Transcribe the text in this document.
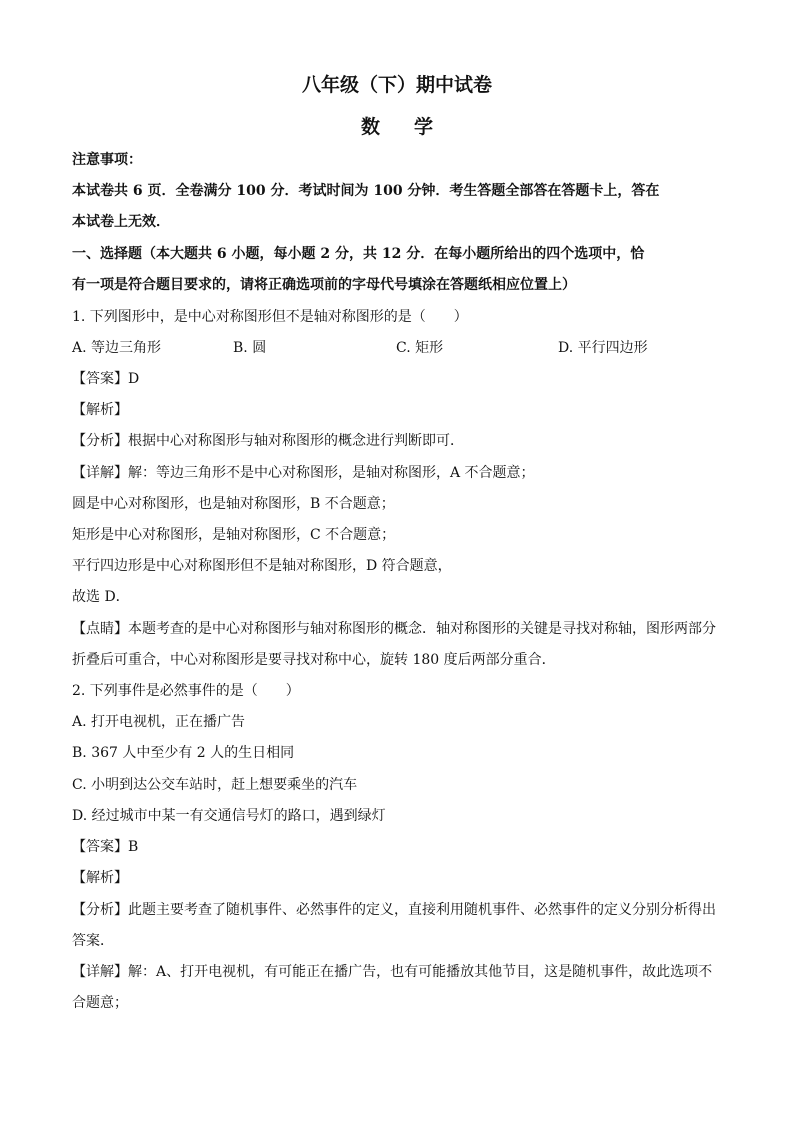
八年级（下）期中试卷
数学
注意事项：
本试卷共 6 页．全卷满分 100 分．考试时间为 100 分钟．考生答题全部答在答题卡上，答在
本试卷上无效．
一、选择题（本大题共 6 小题，每小题 2 分，共 12 分．在每小题所给出的四个选项中，恰
有一项是符合题目要求的，请将正确选项前的字母代号填涂在答题纸相应位置上）
1. 下列图形中，是中心对称图形但不是轴对称图形的是（　　）
A. 等边三角形	B. 圆	C. 矩形	D. 平行四边形
【答案】D
【解析】
【分析】根据中心对称图形与轴对称图形的概念进行判断即可．
【详解】解：等边三角形不是中心对称图形，是轴对称图形，A 不合题意；
圆是中心对称图形，也是轴对称图形，B 不合题意；
矩形是中心对称图形，是轴对称图形，C 不合题意；
平行四边形是中心对称图形但不是轴对称图形，D 符合题意，
故选 D．
【点睛】本题考查的是中心对称图形与轴对称图形的概念．轴对称图形的关键是寻找对称轴，图形两部分
折叠后可重合，中心对称图形是要寻找对称中心，旋转 180 度后两部分重合．
2. 下列事件是必然事件的是（　　）
A. 打开电视机，正在播广告
B. 367 人中至少有 2 人的生日相同
C. 小明到达公交车站时，赶上想要乘坐的汽车
D. 经过城市中某一有交通信号灯的路口，遇到绿灯
【答案】B
【解析】
【分析】此题主要考查了随机事件、必然事件的定义，直接利用随机事件、必然事件的定义分别分析得出
答案．
【详解】解：A、打开电视机，有可能正在播广告，也有可能播放其他节目，这是随机事件，故此选项不
合题意；
